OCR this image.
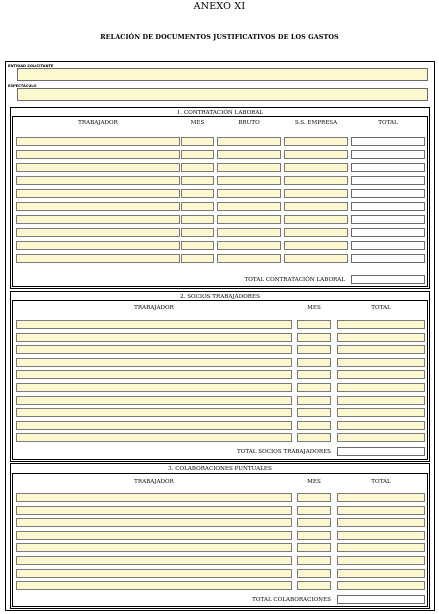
ANEXO XI
RELACIÓN DE DOCUMENTOS JUSTIFICATIVOS DE LOS GASTOS
ENTIDAD SOLICITANTE
ESPECTÁCULO
1. CONTRATACIÓN LABORAL
TRABAJADOR	MES	BRUTO	S.S. EMPRESA	TOTAL
TOTAL CONTRATACIÓN LABORAL
2. SOCIOS TRABAJADORES
TRABAJADOR	MES	TOTAL
TOTAL SOCIOS TRABAJADORES
3. COLABORACIONES PUNTUALES
TRABAJADOR	MES	TOTAL
TOTAL COLABORACIONES
